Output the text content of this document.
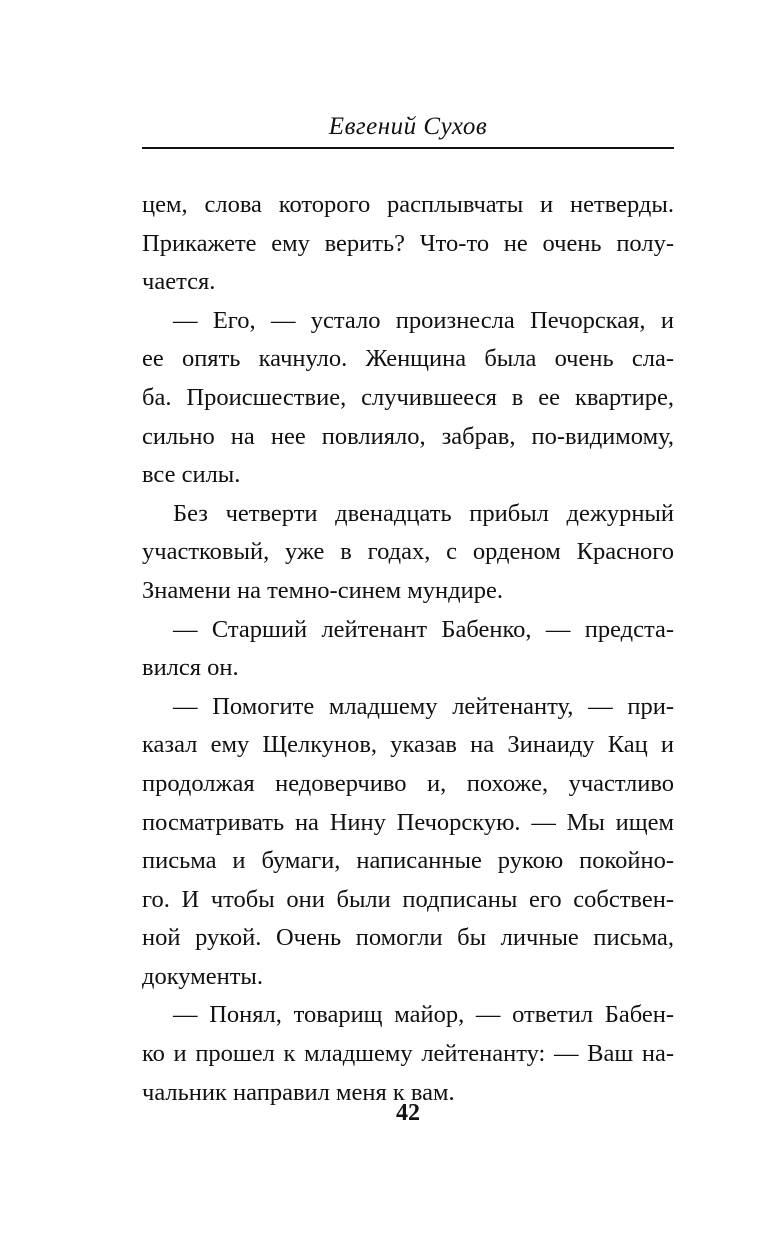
Евгений Сухов
цем, слова которого расплывчаты и нетверды.
Прикажете ему верить? Что-то не очень полу-
чается.
— Его, — устало произнесла Печорская, и
ее опять качнуло. Женщина была очень сла-
ба. Происшествие, случившееся в ее квартире,
сильно на нее повлияло, забрав, по-видимому,
все силы.
Без четверти двенадцать прибыл дежурный
участковый, уже в годах, с орденом Красного
Знамени на темно-синем мундире.
— Старший лейтенант Бабенко, — предста-
вился он.
— Помогите младшему лейтенанту, — при-
казал ему Щелкунов, указав на Зинаиду Кац и
продолжая недоверчиво и, похоже, участливо
посматривать на Нину Печорскую. — Мы ищем
письма и бумаги, написанные рукою покойно-
го. И чтобы они были подписаны его собствен-
ной рукой. Очень помогли бы личные письма,
документы.
— Понял, товарищ майор, — ответил Бабен-
ко и прошел к младшему лейтенанту: — Ваш на-
чальник направил меня к вам.
42
